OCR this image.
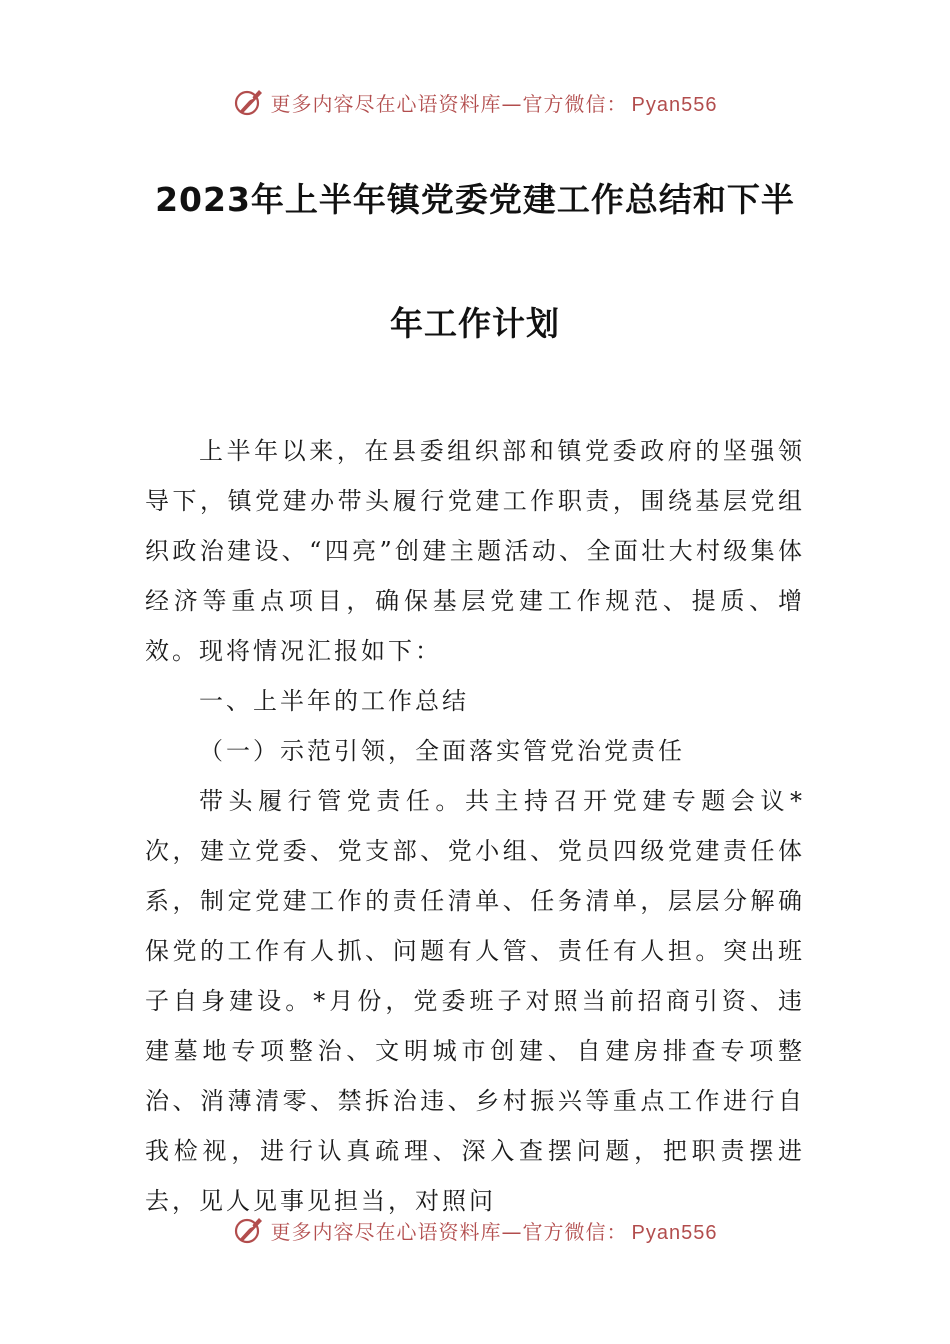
更多内容尽在心语资料库—官方微信： Pyan556
2023年上半年镇党委党建工作总结和下半
年工作计划

上半年以来，在县委组织部和镇党委政府的坚强领导下，镇党建办带头履行党建工作职责，围绕基层党组织政治建设、“四亮”创建主题活动、全面壮大村级集体经济等重点项目，确保基层党建工作规范、提质、增效。现将情况汇报如下：

一、上半年的工作总结

（一）示范引领，全面落实管党治党责任

带头履行管党责任。共主持召开党建专题会议*次，建立党委、党支部、党小组、党员四级党建责任体系，制定党建工作的责任清单、任务清单，层层分解确保党的工作有人抓、问题有人管、责任有人担。突出班子自身建设。*月份，党委班子对照当前招商引资、违建墓地专项整治、文明城市创建、自建房排查专项整治、消薄清零、禁拆治违、乡村振兴等重点工作进行自我检视，进行认真疏理、深入查摆问题，把职责摆进去，见人见事见担当，对照问

更多内容尽在心语资料库—官方微信： Pyan556
